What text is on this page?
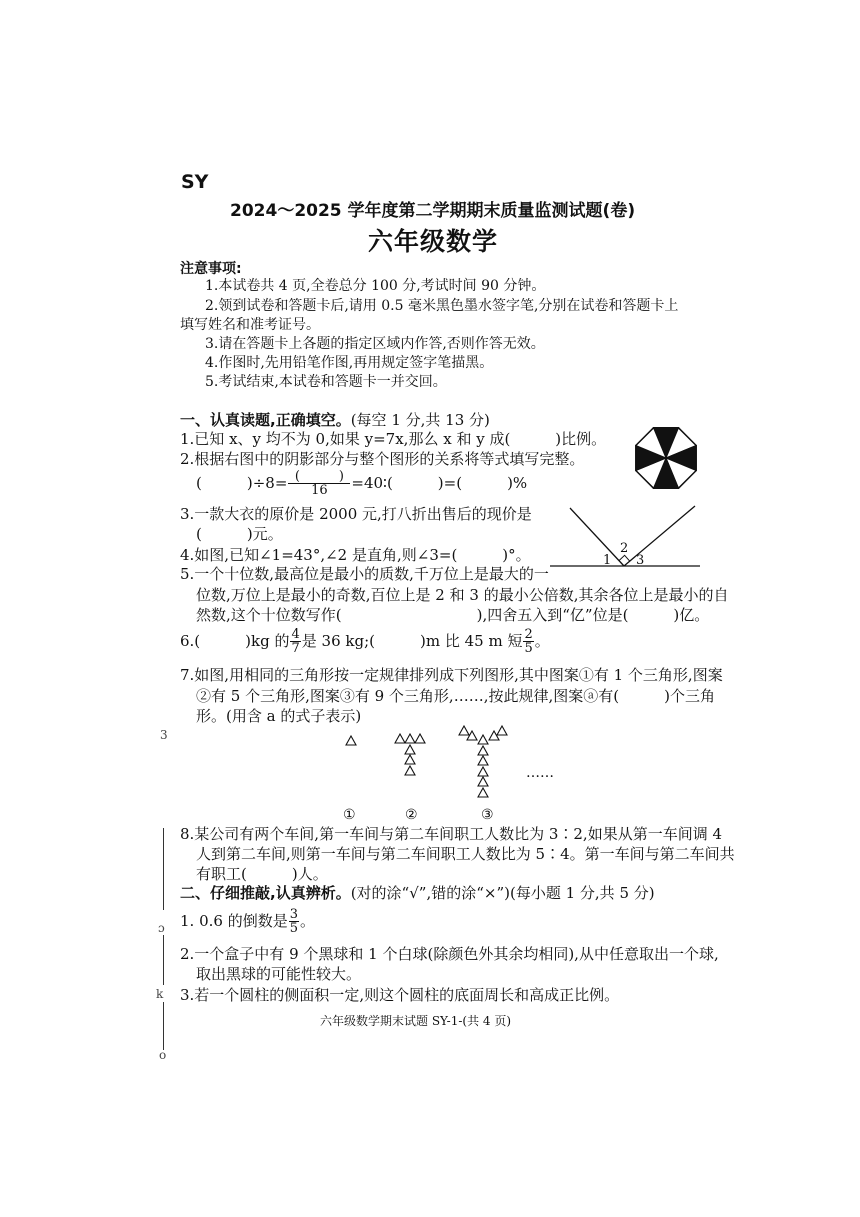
SY
2024～2025 学年度第二学期期末质量监测试题(卷)
六年级数学
注意事项:
1.本试卷共 4 页,全卷总分 100 分,考试时间 90 分钟。
2.领到试卷和答题卡后,请用 0.5 毫米黑色墨水签字笔,分别在试卷和答题卡上
填写姓名和准考证号。
3.请在答题卡上各题的指定区域内作答,否则作答无效。
4.作图时,先用铅笔作图,再用规定签字笔描黑。
5.考试结束,本试卷和答题卡一并交回。
一、认真读题,正确填空。(每空 1 分,共 13 分)
1.已知 x、y 均不为 0,如果 y=7x,那么 x 和 y 成(　　　)比例。
2.根据右图中的阴影部分与整个图形的关系将等式填写完整。
(　　　)$\div 8= \frac{( )}{16}$ =40∶(　　　)=(　　　)%
3.一款大衣的原价是 2000 元,打八折出售后的现价是
(　　　)元。
4.如图,已知∠1=43°,∠2 是直角,则∠3=(　　　)°。	1
2
3
5.一个十位数,最高位是最小的质数,千万位上是最大的一
位数,万位上是最小的奇数,百位上是 2 和 3 的最小公倍数,其余各位上是最小的自
然数,这个十位数写作(　　　　　　　　　),四舍五入到“亿”位是(　　　)亿。
6.(　　　)kg 的 $\frac{4}{7}$ 是 36 kg;(　　　)m 比 45 m 短 $\frac{2}{5}$ 。
7.如图,用相同的三角形按一定规律排列成下列图形,其中图案①有 1 个三角形,图案
②有 5 个三角形,图案③有 9 个三角形,……,按此规律,图案ⓐ有(　　　)个三角
形。(用含 a 的式子表示)
……
①	②	③
8.某公司有两个车间,第一车间与第二车间职工人数比为 3∶2,如果从第一车间调 4
人到第二车间,则第一车间与第二车间职工人数比为 5∶4。第一车间与第二车间共
有职工(　　　)人。
二、仔细推敲,认真辨析。(对的涂“√”,错的涂“×”)(每小题 1 分,共 5 分)
1. 0.6 的倒数是 $\frac{3}{5}$ 。
2.一个盒子中有 9 个黑球和 1 个白球(除颜色外其余均相同),从中任意取出一个球,
取出黑球的可能性较大。
3.若一个圆柱的侧面积一定,则这个圆柱的底面周长和高成正比例。
六年级数学期末试题 SY-1-(共 4 页)
3
ɔ
k
o
